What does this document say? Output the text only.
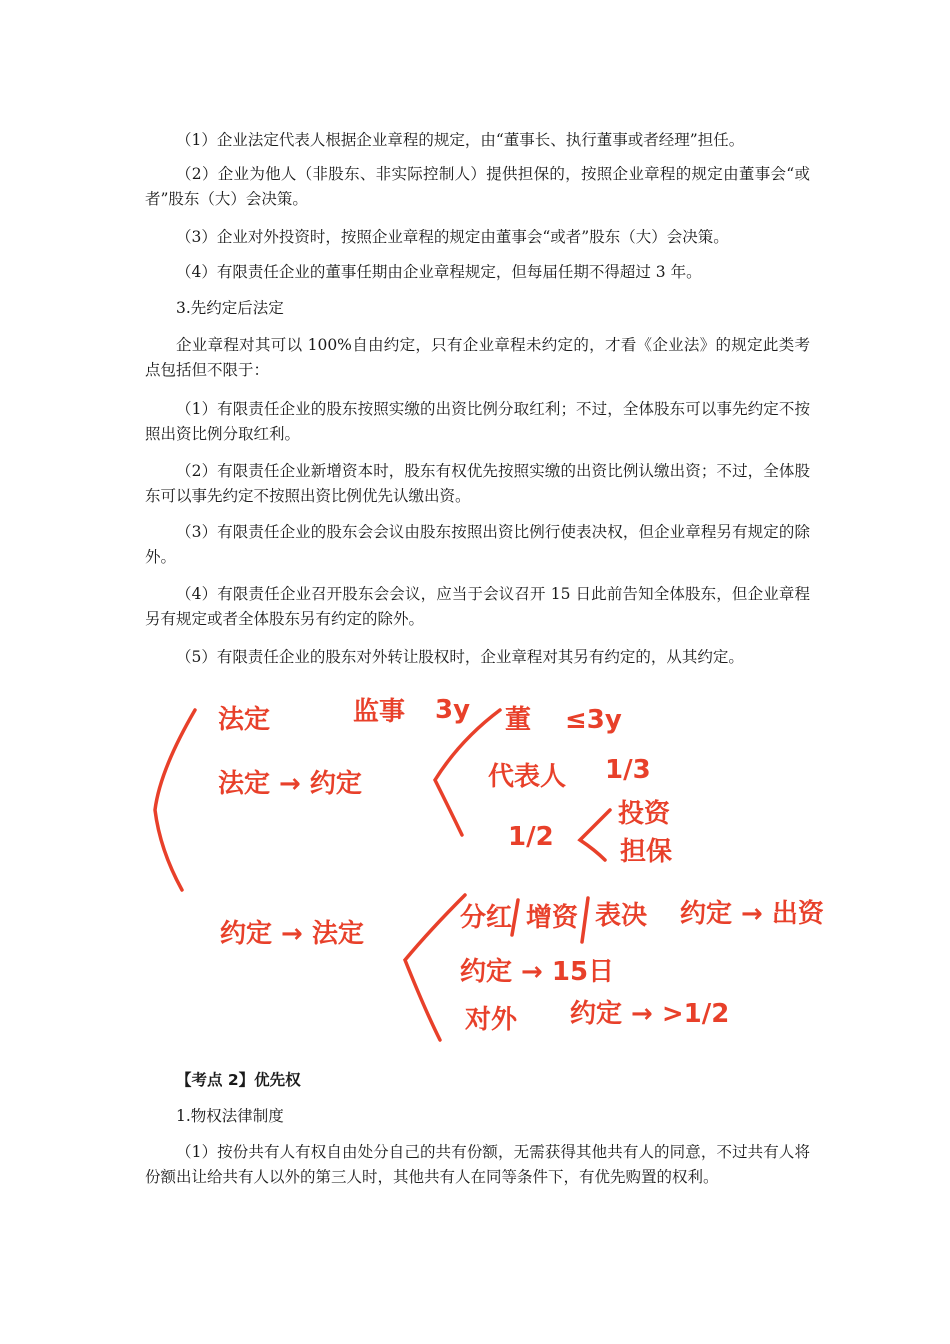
（1）企业法定代表人根据企业章程的规定，由“董事长、执行董事或者经理”担任。

（2）企业为他人（非股东、非实际控制人）提供担保的，按照企业章程的规定由董事会“或者”股东（大）会决策。

（3）企业对外投资时，按照企业章程的规定由董事会“或者”股东（大）会决策。

（4）有限责任企业的董事任期由企业章程规定，但每届任期不得超过 3 年。

3.先约定后法定

企业章程对其可以 100%自由约定，只有企业章程未约定的，才看《企业法》的规定此类考点包括但不限于：

（1）有限责任企业的股东按照实缴的出资比例分取红利；不过，全体股东可以事先约定不按照出资比例分取红利。

（2）有限责任企业新增资本时，股东有权优先按照实缴的出资比例认缴出资；不过，全体股东可以事先约定不按照出资比例优先认缴出资。

（3）有限责任企业的股东会会议由股东按照出资比例行使表决权，但企业章程另有规定的除外。

（4）有限责任企业召开股东会会议，应当于会议召开 15 日此前告知全体股东，但企业章程另有规定或者全体股东另有约定的除外。

（5）有限责任企业的股东对外转让股权时，企业章程对其另有约定的，从其约定。

法定	监事 3y 董 ≤3y
法定 → 约定	代表人 1/3
1/2
投资
担保
约定 → 法定
分红 增资 表决 约定 → 出资
约定 → 15日
对外 约定 → >1/2

【考点 2】优先权

1.物权法律制度

（1）按份共有人有权自由处分自己的共有份额，无需获得其他共有人的同意，不过共有人将份额出让给共有人以外的第三人时，其他共有人在同等条件下，有优先购置的权利。
